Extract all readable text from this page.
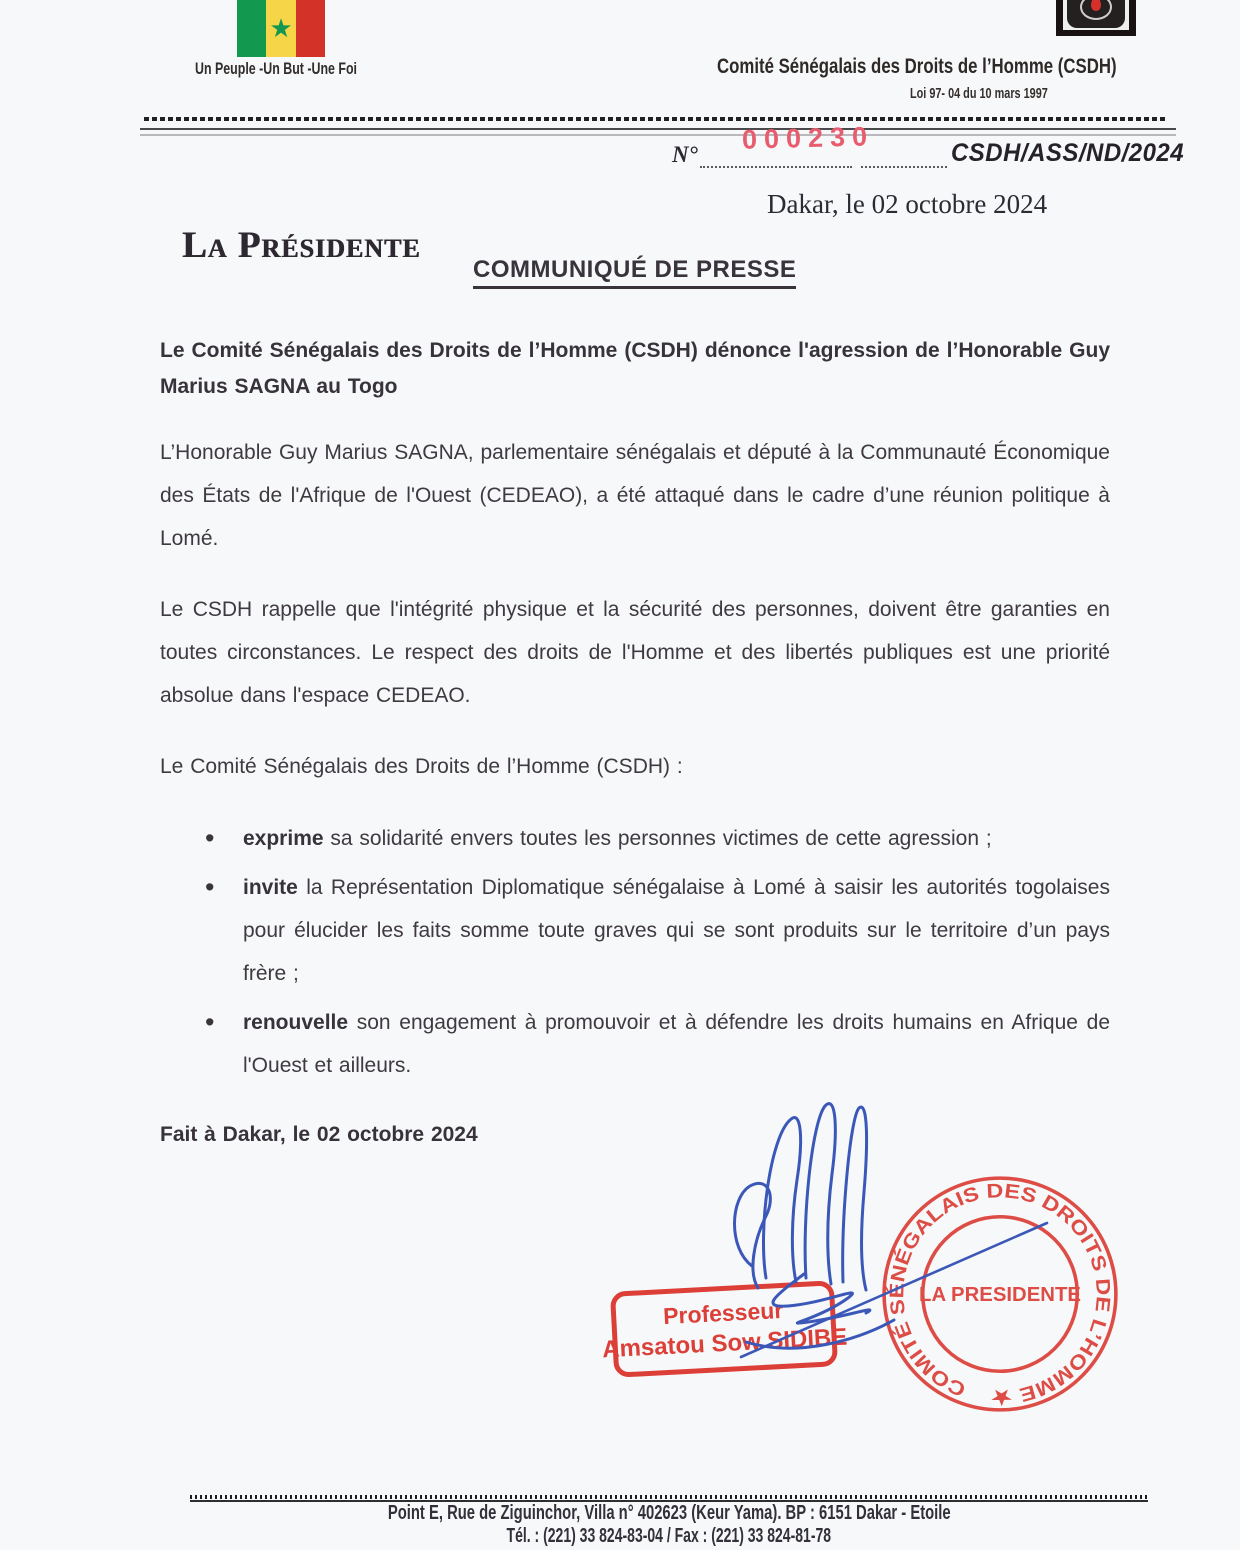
★
Un Peuple -Un But -Une Foi	Comité Sénégalais des Droits de l’Homme (CSDH)
Loi 97- 04 du 10 mars 1997
N°	CSDH/ASS/ND/2024
000230
Dakar, le 02 octobre 2024
La Présidente
COMMUNIQUÉ DE PRESSE

Le Comité Sénégalais des Droits de l’Homme (CSDH) dénonce l'agression de l’Honorable Guy Marius SAGNA au Togo

L’Honorable Guy Marius SAGNA, parlementaire sénégalais et député à la Communauté Économique des États de l'Afrique de l'Ouest (CEDEAO), a été attaqué dans le cadre d’une réunion politique à Lomé.

Le CSDH rappelle que l'intégrité physique et la sécurité des personnes, doivent être garanties en toutes circonstances. Le respect des droits de l'Homme et des libertés publiques est une priorité absolue dans l'espace CEDEAO.

Le Comité Sénégalais des Droits de l’Homme (CSDH) :

• exprime sa solidarité envers toutes les personnes victimes de cette agression ;
• invite la Représentation Diplomatique sénégalaise à Lomé à saisir les autorités togolaises pour élucider les faits somme toute graves qui se sont produits sur le territoire d’un pays frère ;
• renouvelle son engagement à promouvoir et à défendre les droits humains en Afrique de l'Ouest et ailleurs.

Fait à Dakar, le 02 octobre 2024

Professeur
Amsatou Sow SIDIBE
COMITÉ SÉNÉGALAIS DES DROITS DE L’HOMME ★
LA PRESIDENTE
Point E, Rue de Ziguinchor, Villa n° 402623 (Keur Yama). BP : 6151 Dakar - Etoile
Tél. : (221) 33 824-83-04 / Fax : (221) 33 824-81-78
